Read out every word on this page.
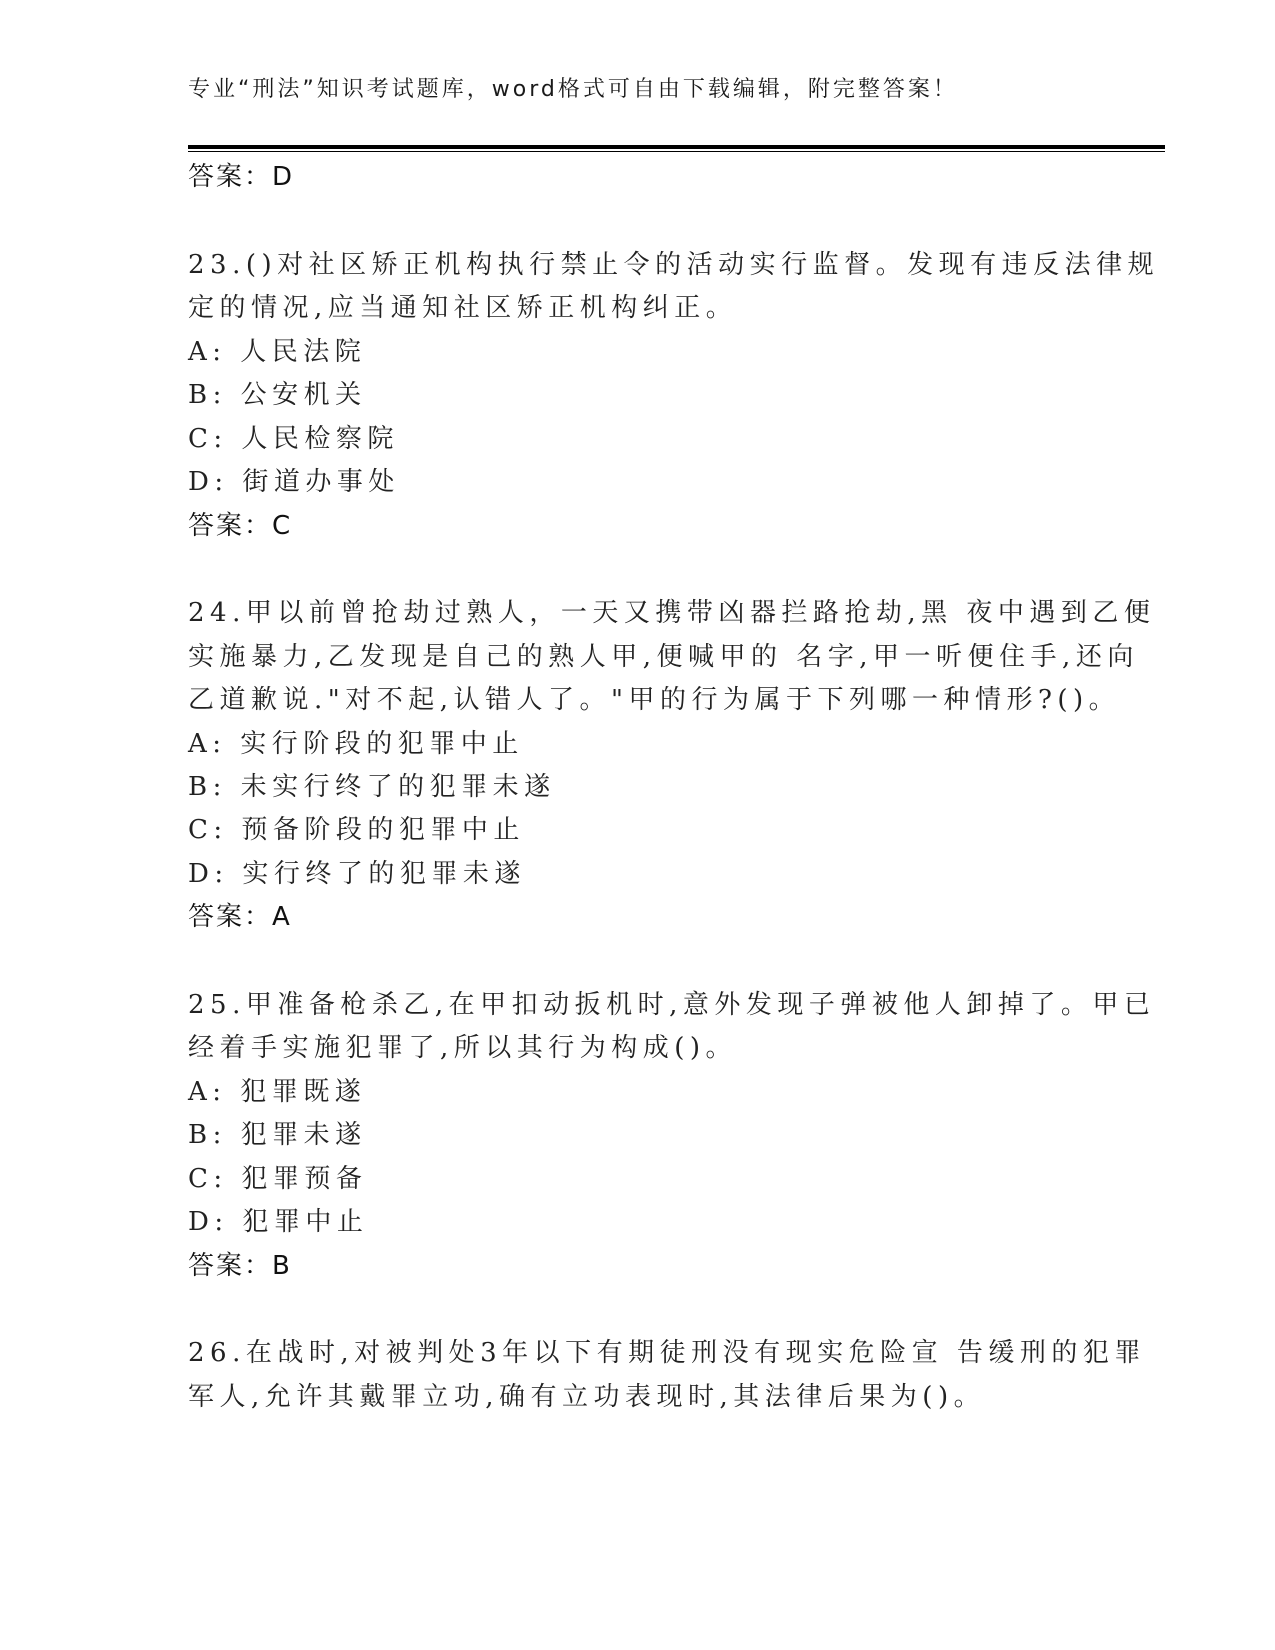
专业“刑法”知识考试题库，word格式可自由下载编辑，附完整答案！
答案：D
23.()对社区矫正机构执行禁止令的活动实行监督。发现有违反法律规
定的情况,应当通知社区矫正机构纠正。
A: 人民法院
B: 公安机关
C: 人民检察院
D: 街道办事处
答案：C
24.甲以前曾抢劫过熟人，一天又携带凶器拦路抢劫,黑 夜中遇到乙便
实施暴力,乙发现是自己的熟人甲,便喊甲的 名字,甲一听便住手,还向
乙道歉说."对不起,认错人了。"甲的行为属于下列哪一种情形?()。
A: 实行阶段的犯罪中止
B: 未实行终了的犯罪未遂
C: 预备阶段的犯罪中止
D: 实行终了的犯罪未遂
答案：A
25.甲准备枪杀乙,在甲扣动扳机时,意外发现子弹被他人卸掉了。甲已
经着手实施犯罪了,所以其行为构成()。
A: 犯罪既遂
B: 犯罪未遂
C: 犯罪预备
D: 犯罪中止
答案：B
26.在战时,对被判处3年以下有期徒刑没有现实危险宣 告缓刑的犯罪
军人,允许其戴罪立功,确有立功表现时,其法律后果为()。
